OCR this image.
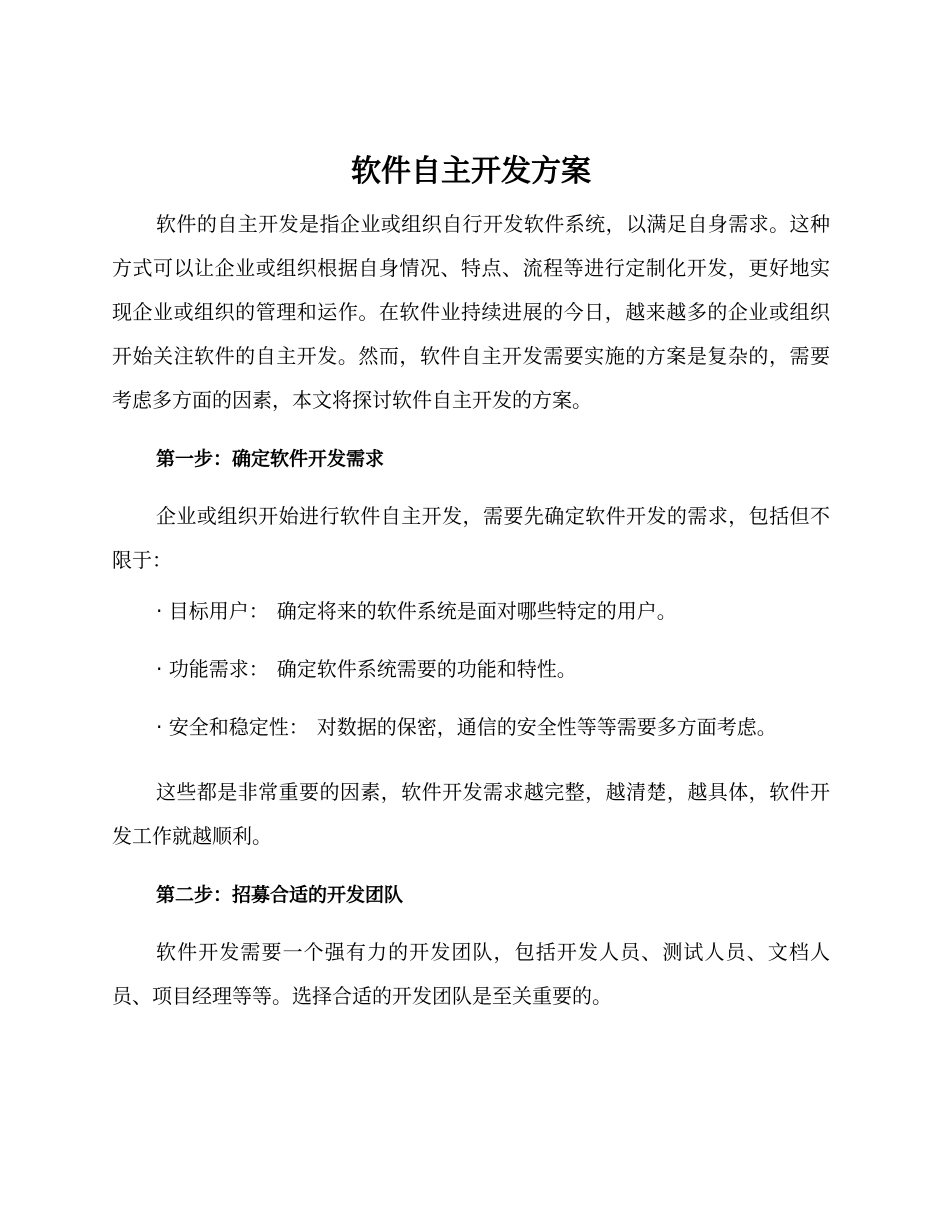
软件自主开发方案

软件的自主开发是指企业或组织自行开发软件系统，以满足自身需求。这种方式可以让企业或组织根据自身情况、特点、流程等进行定制化开发，更好地实现企业或组织的管理和运作。在软件业持续进展的今日，越来越多的企业或组织开始关注软件的自主开发。然而，软件自主开发需要实施的方案是复杂的，需要考虑多方面的因素，本文将探讨软件自主开发的方案。

第一步：确定软件开发需求

企业或组织开始进行软件自主开发，需要先确定软件开发的需求，包括但不限于：

· 目标用户： 确定将来的软件系统是面对哪些特定的用户。
· 功能需求： 确定软件系统需要的功能和特性。
· 安全和稳定性： 对数据的保密，通信的安全性等等需要多方面考虑。

这些都是非常重要的因素，软件开发需求越完整，越清楚，越具体，软件开发工作就越顺利。

第二步：招募合适的开发团队

软件开发需要一个强有力的开发团队，包括开发人员、测试人员、文档人员、项目经理等等。选择合适的开发团队是至关重要的。
